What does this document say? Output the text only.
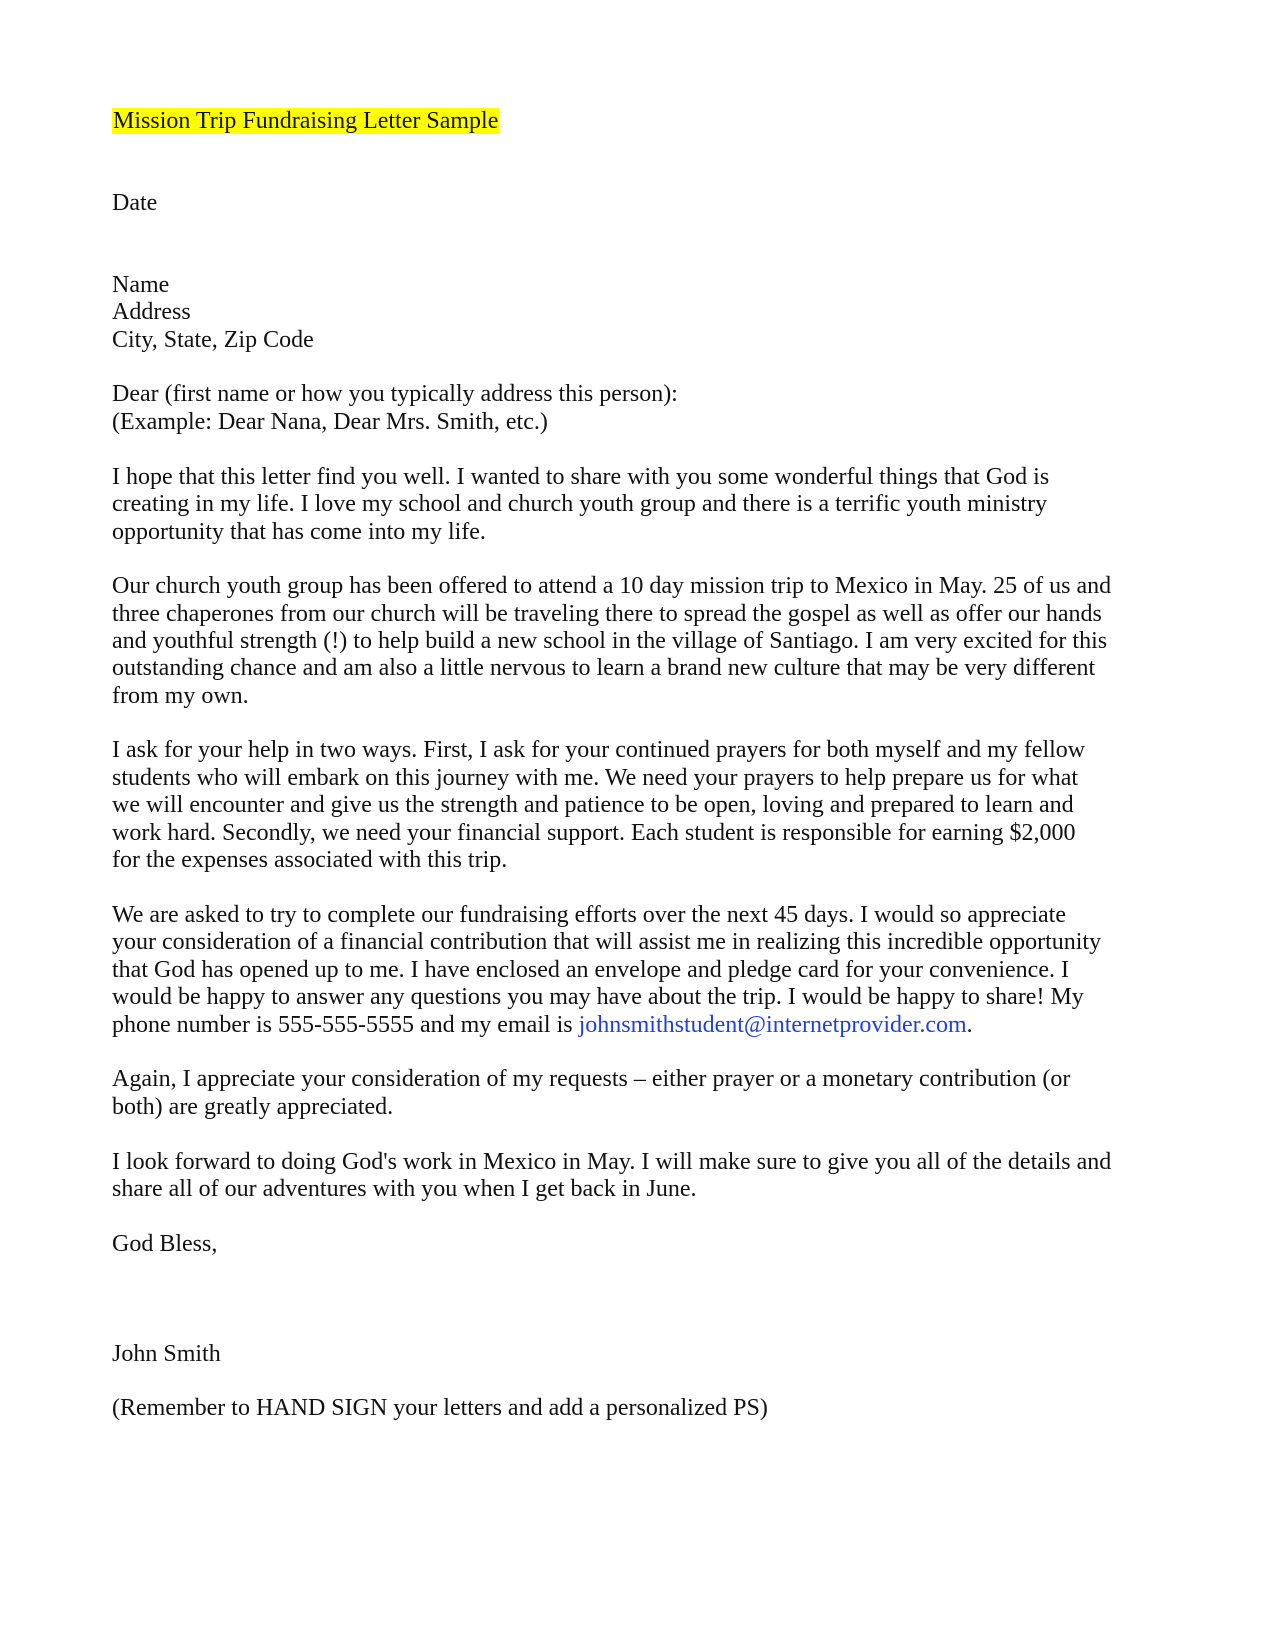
Mission Trip Fundraising Letter Sample
Date
Name
Address
City, State, Zip Code
Dear (first name or how you typically address this person):
(Example: Dear Nana, Dear Mrs. Smith, etc.)
I hope that this letter find you well. I wanted to share with you some wonderful things that God is
creating in my life. I love my school and church youth group and there is a terrific youth ministry
opportunity that has come into my life.
Our church youth group has been offered to attend a 10 day mission trip to Mexico in May. 25 of us and
three chaperones from our church will be traveling there to spread the gospel as well as offer our hands
and youthful strength (!) to help build a new school in the village of Santiago. I am very excited for this
outstanding chance and am also a little nervous to learn a brand new culture that may be very different
from my own.
I ask for your help in two ways. First, I ask for your continued prayers for both myself and my fellow
students who will embark on this journey with me. We need your prayers to help prepare us for what
we will encounter and give us the strength and patience to be open, loving and prepared to learn and
work hard. Secondly, we need your financial support. Each student is responsible for earning $2,000
for the expenses associated with this trip.
We are asked to try to complete our fundraising efforts over the next 45 days. I would so appreciate
your consideration of a financial contribution that will assist me in realizing this incredible opportunity
that God has opened up to me. I have enclosed an envelope and pledge card for your convenience. I
would be happy to answer any questions you may have about the trip. I would be happy to share! My
phone number is 555-555-5555 and my email is johnsmithstudent@internetprovider.com.
Again, I appreciate your consideration of my requests – either prayer or a monetary contribution (or
both) are greatly appreciated.
I look forward to doing God's work in Mexico in May. I will make sure to give you all of the details and
share all of our adventures with you when I get back in June.
God Bless,
John Smith
(Remember to HAND SIGN your letters and add a personalized PS)
